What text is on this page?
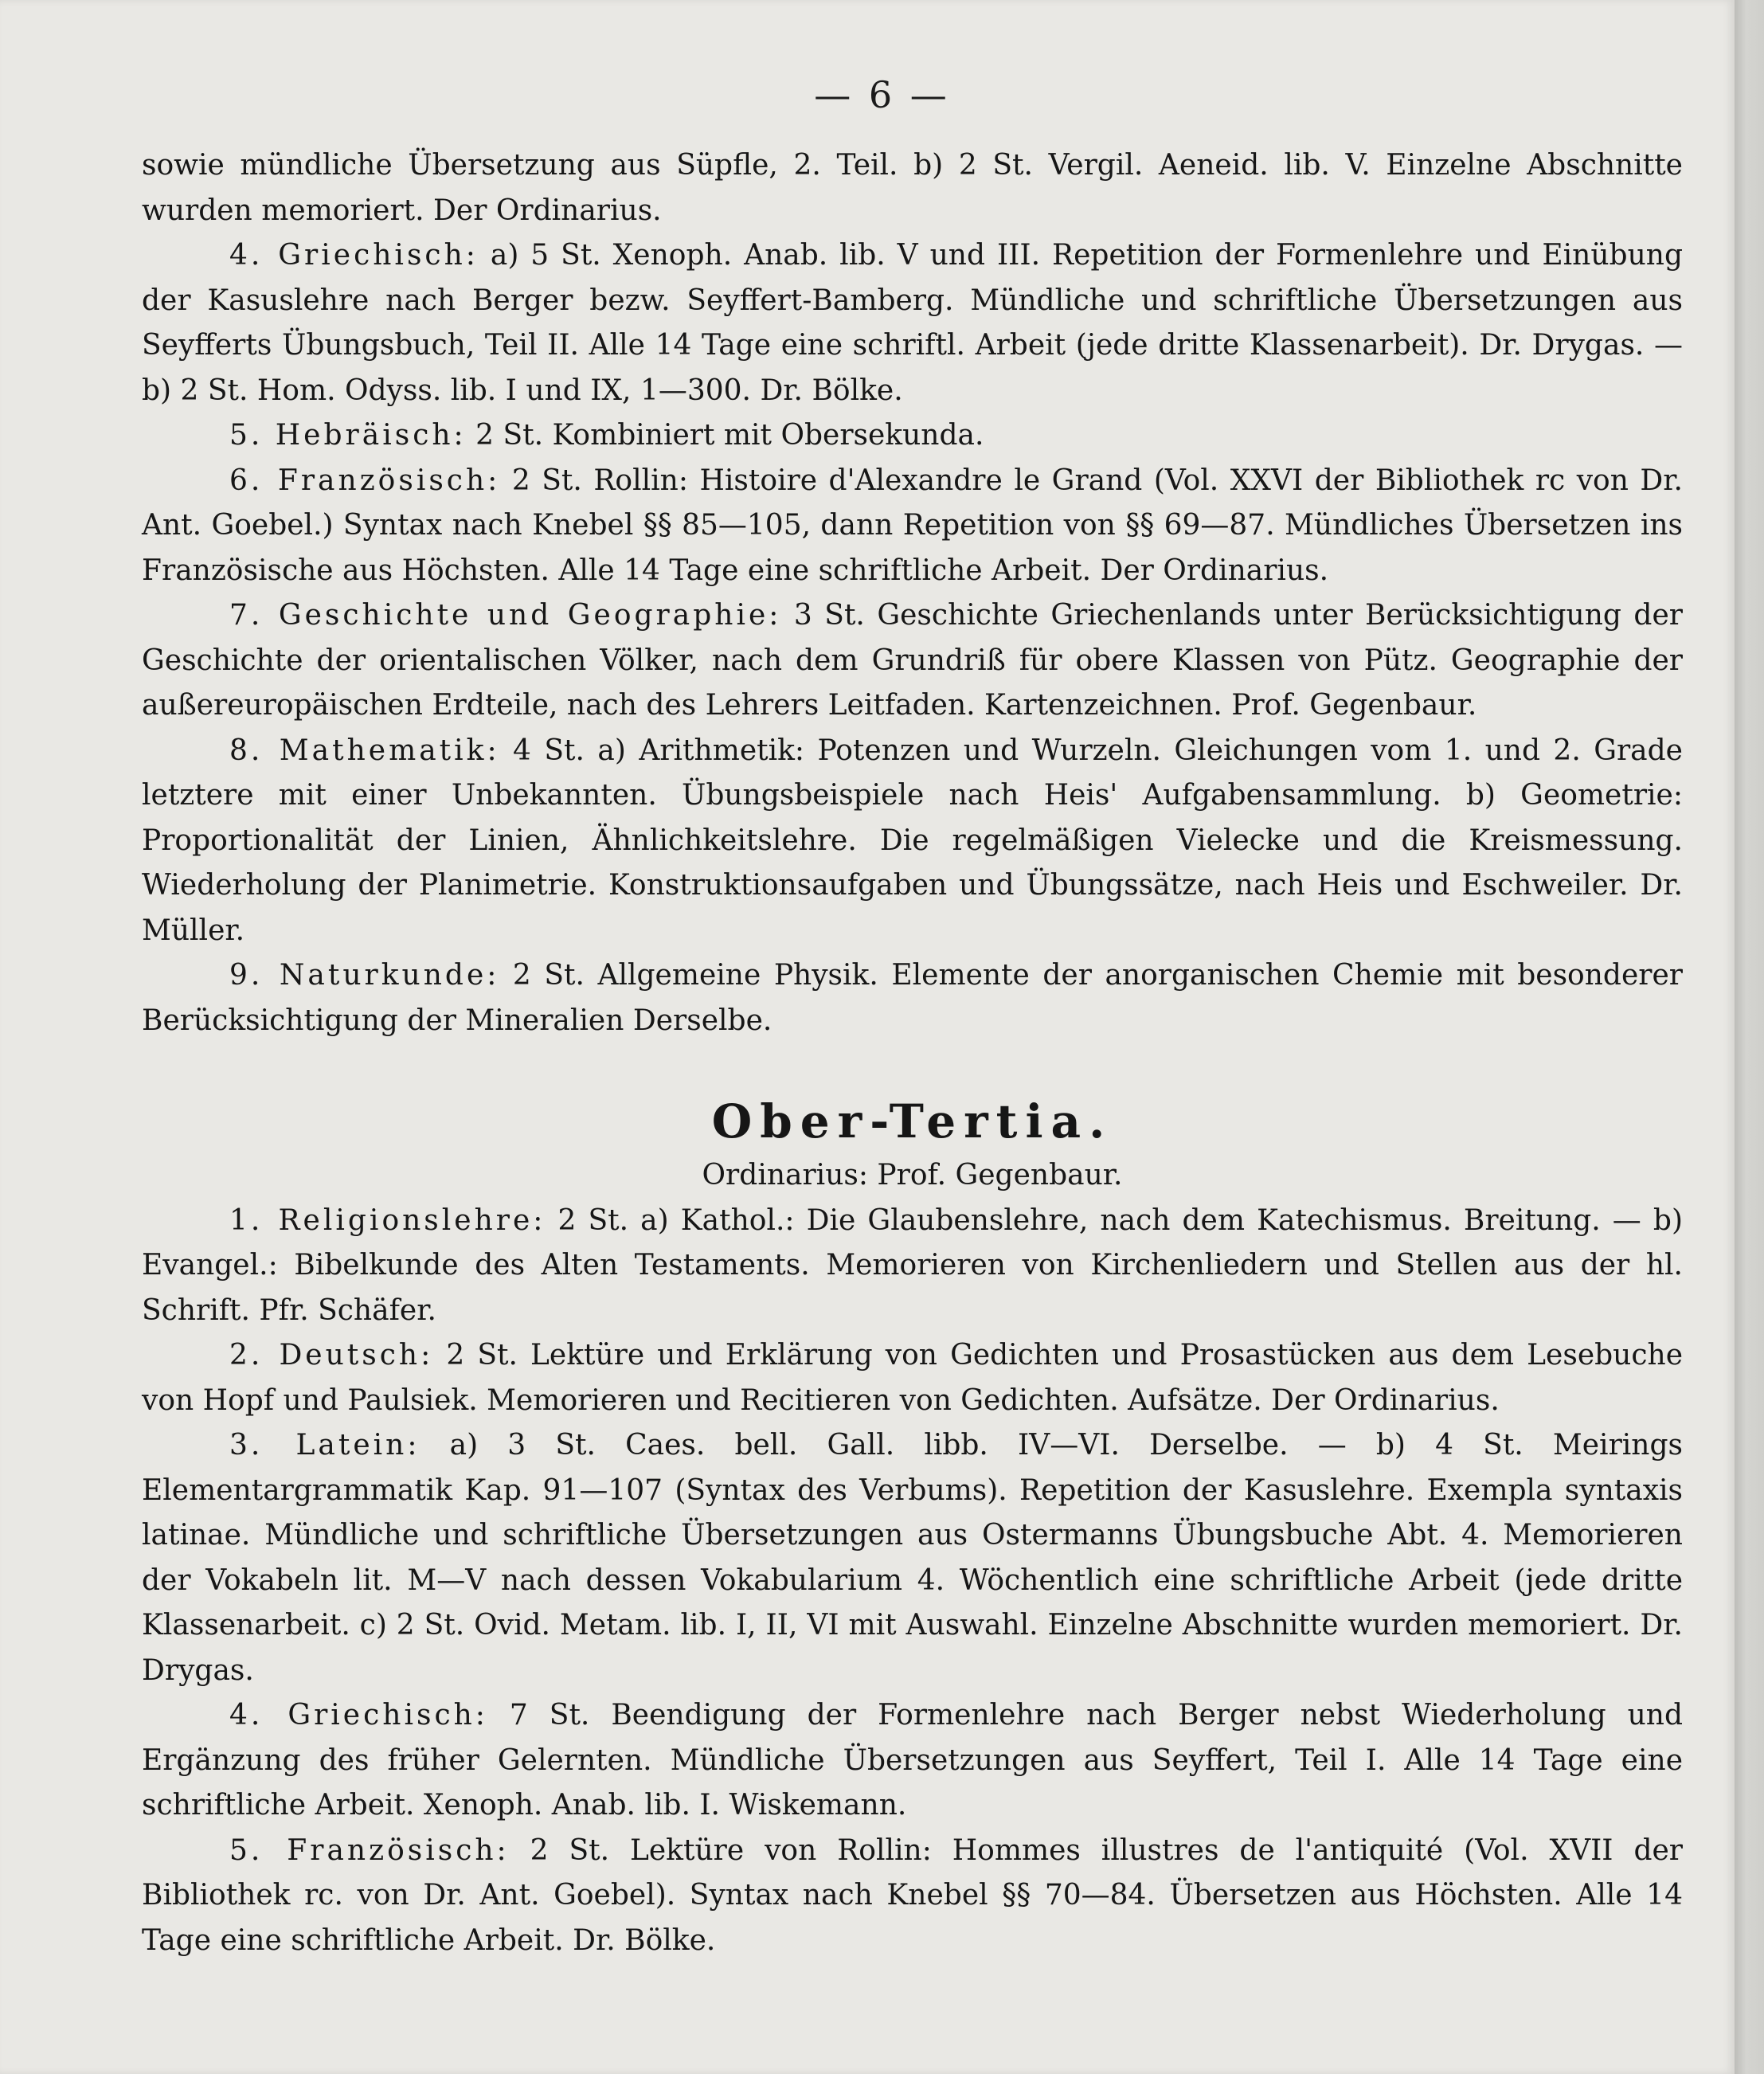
— 6 —

sowie mündliche Übersetzung aus Süpfle, 2. Teil. b) 2 St. Vergil. Aeneid. lib. V. Einzelne Abschnitte wurden memoriert. Der Ordinarius.

4. Griechisch: a) 5 St. Xenoph. Anab. lib. V und III. Repetition der Formenlehre und Einübung der Kasuslehre nach Berger bezw. Seyffert-Bamberg. Mündliche und schriftliche Übersetzungen aus Seyfferts Übungsbuch, Teil II. Alle 14 Tage eine schriftl. Arbeit (jede dritte Klassenarbeit). Dr. Drygas. — b) 2 St. Hom. Odyss. lib. I und IX, 1—300. Dr. Bölke.

5. Hebräisch: 2 St. Kombiniert mit Obersekunda.

6. Französisch: 2 St. Rollin: Histoire d'Alexandre le Grand (Vol. XXVI der Bibliothek rc von Dr. Ant. Goebel.) Syntax nach Knebel §§ 85—105, dann Repetition von §§ 69—87. Mündliches Übersetzen ins Französische aus Höchsten. Alle 14 Tage eine schriftliche Arbeit. Der Ordinarius.

7. Geschichte und Geographie: 3 St. Geschichte Griechenlands unter Berücksichtigung der Geschichte der orientalischen Völker, nach dem Grundriß für obere Klassen von Pütz. Geographie der außereuropäischen Erdteile, nach des Lehrers Leitfaden. Kartenzeichnen. Prof. Gegenbaur.

8. Mathematik: 4 St. a) Arithmetik: Potenzen und Wurzeln. Gleichungen vom 1. und 2. Grade letztere mit einer Unbekannten. Übungsbeispiele nach Heis' Aufgabensammlung. b) Geometrie: Proportionalität der Linien, Ähnlichkeitslehre. Die regelmäßigen Vielecke und die Kreismessung. Wiederholung der Planimetrie. Konstruktionsaufgaben und Übungssätze, nach Heis und Eschweiler. Dr. Müller.

9. Naturkunde: 2 St. Allgemeine Physik. Elemente der anorganischen Chemie mit besonderer Berücksichtigung der Mineralien Derselbe.

Ober-Tertia.

Ordinarius: Prof. Gegenbaur.

1. Religionslehre: 2 St. a) Kathol.: Die Glaubenslehre, nach dem Katechismus. Breitung. — b) Evangel.: Bibelkunde des Alten Testaments. Memorieren von Kirchenliedern und Stellen aus der hl. Schrift. Pfr. Schäfer.

2. Deutsch: 2 St. Lektüre und Erklärung von Gedichten und Prosastücken aus dem Lesebuche von Hopf und Paulsiek. Memorieren und Recitieren von Gedichten. Aufsätze. Der Ordinarius.

3. Latein: a) 3 St. Caes. bell. Gall. libb. IV—VI. Derselbe. — b) 4 St. Meirings Elementargrammatik Kap. 91—107 (Syntax des Verbums). Repetition der Kasuslehre. Exempla syntaxis latinae. Mündliche und schriftliche Übersetzungen aus Ostermanns Übungsbuche Abt. 4. Memorieren der Vokabeln lit. M—V nach dessen Vokabularium 4. Wöchentlich eine schriftliche Arbeit (jede dritte Klassenarbeit. c) 2 St. Ovid. Metam. lib. I, II, VI mit Auswahl. Einzelne Abschnitte wurden memoriert. Dr. Drygas.

4. Griechisch: 7 St. Beendigung der Formenlehre nach Berger nebst Wiederholung und Ergänzung des früher Gelernten. Mündliche Übersetzungen aus Seyffert, Teil I. Alle 14 Tage eine schriftliche Arbeit. Xenoph. Anab. lib. I. Wiskemann.

5. Französisch: 2 St. Lektüre von Rollin: Hommes illustres de l'antiquité (Vol. XVII der Bibliothek rc. von Dr. Ant. Goebel). Syntax nach Knebel §§ 70—84. Übersetzen aus Höchsten. Alle 14 Tage eine schriftliche Arbeit. Dr. Bölke.
